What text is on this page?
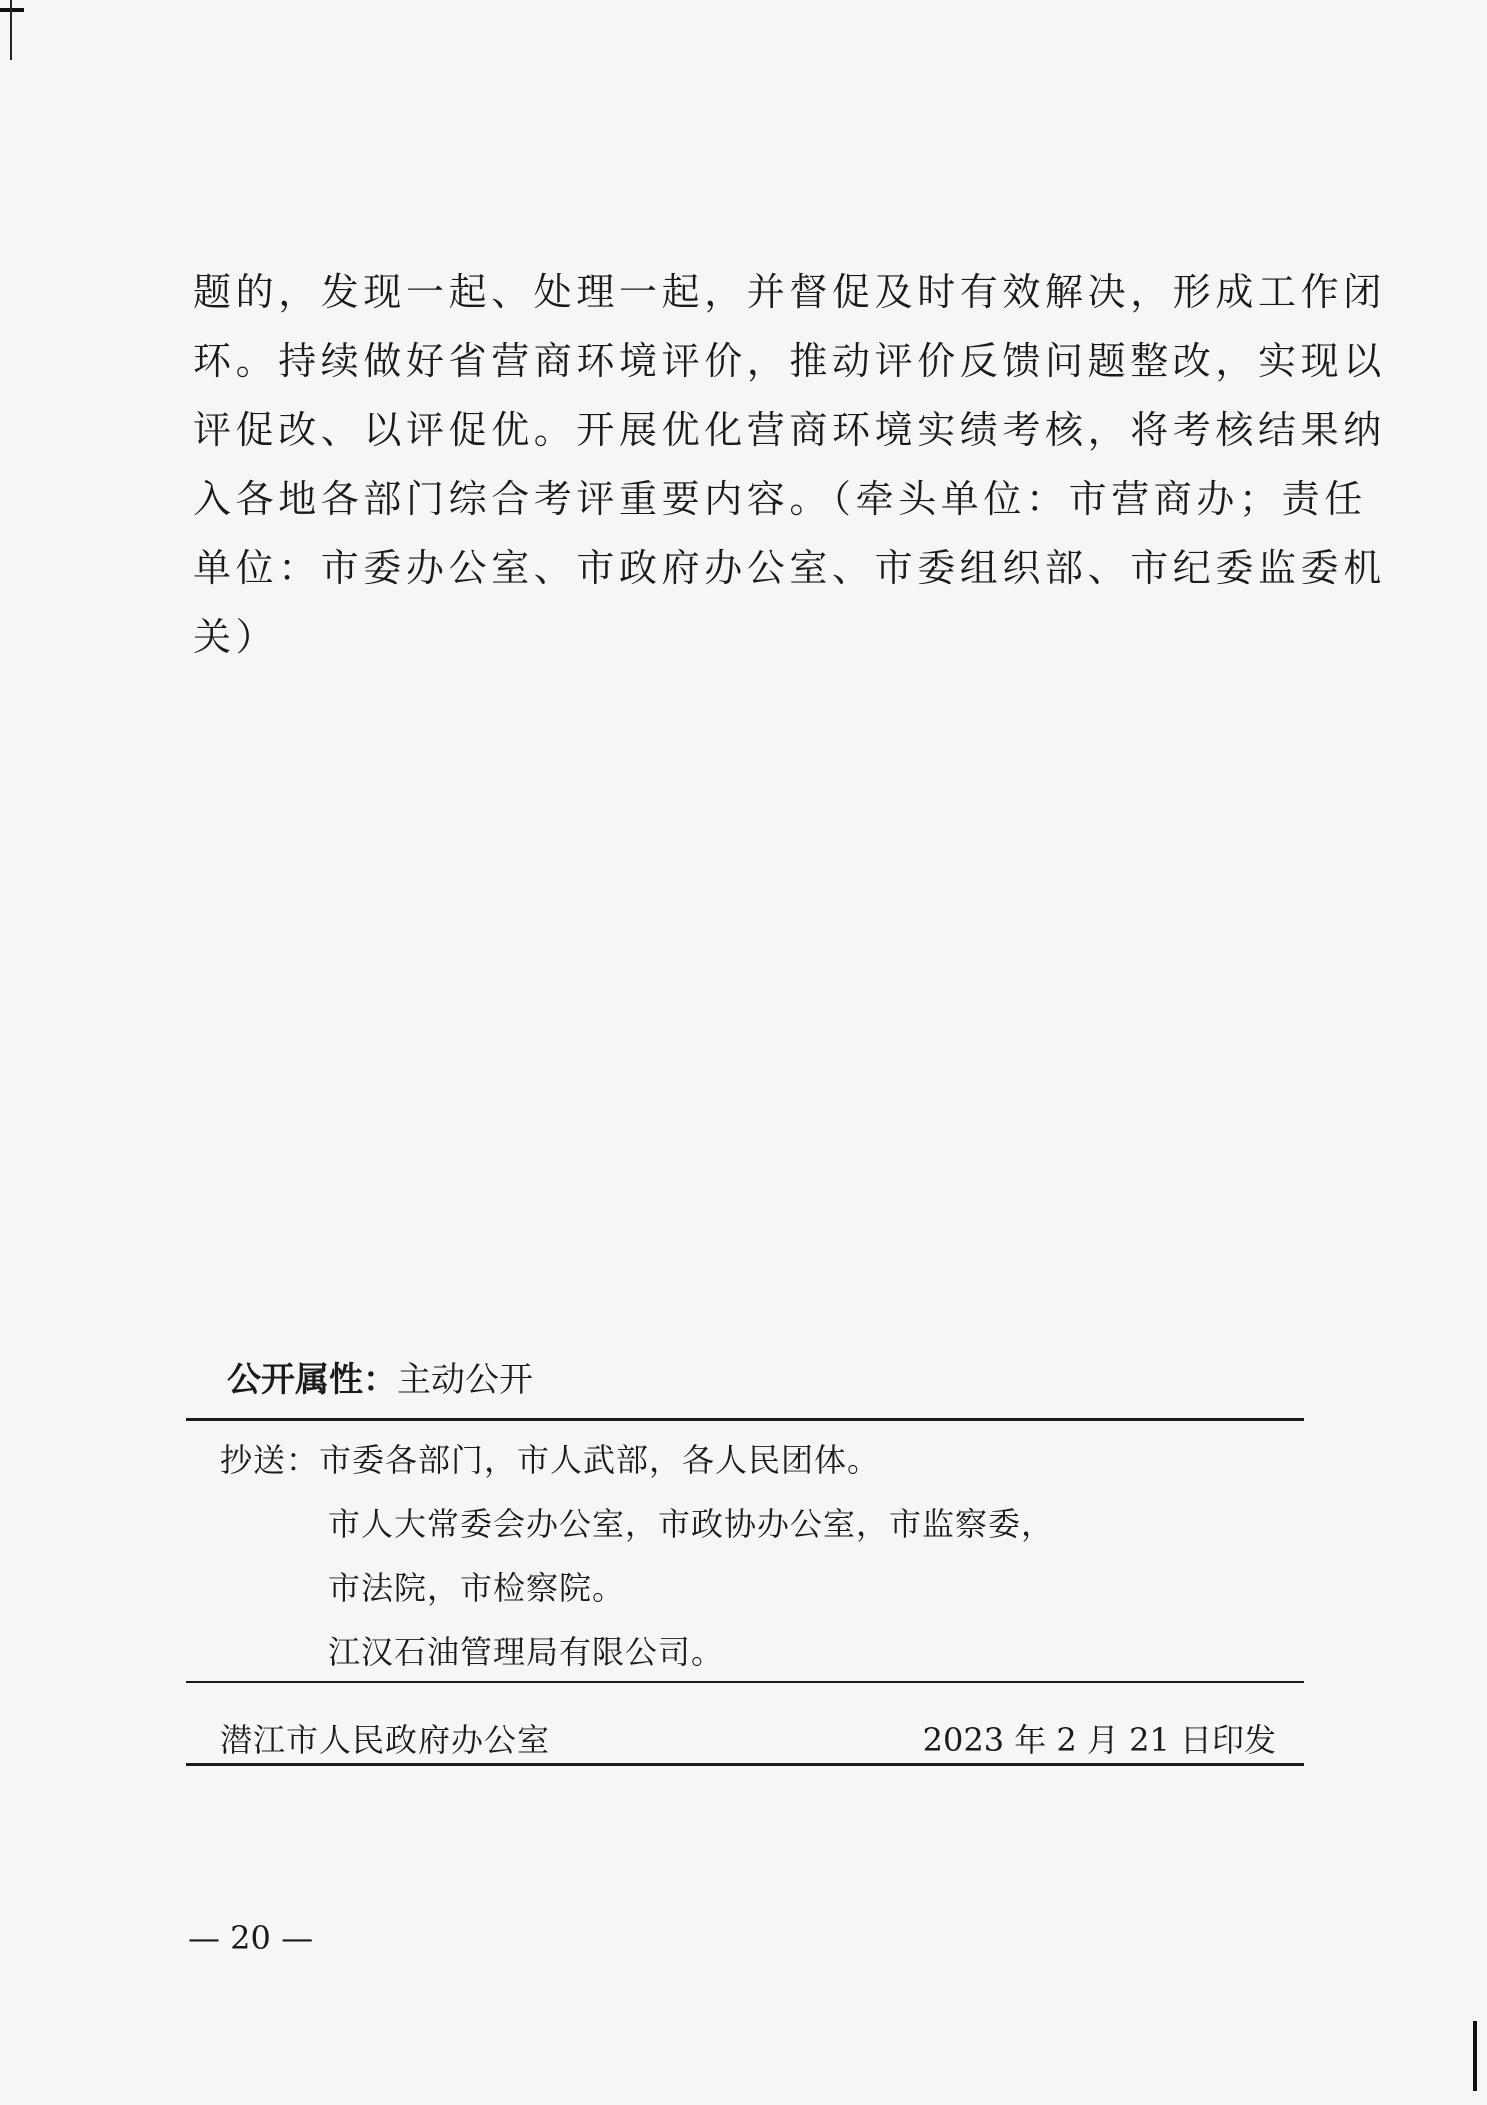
题的，发现一起、处理一起，并督促及时有效解决，形成工作闭
环。持续做好省营商环境评价，推动评价反馈问题整改，实现以
评促改、以评促优。开展优化营商环境实绩考核，将考核结果纳
入各地各部门综合考评重要内容。（牵头单位：市营商办；责任
单位：市委办公室、市政府办公室、市委组织部、市纪委监委机
关）
公开属性：主动公开
抄送：市委各部门，市人武部，各人民团体。
市人大常委会办公室，市政协办公室，市监察委，
市法院，市检察院。
江汉石油管理局有限公司。
潜江市人民政府办公室	2023 年 2 月 21 日印发
— 20 —
